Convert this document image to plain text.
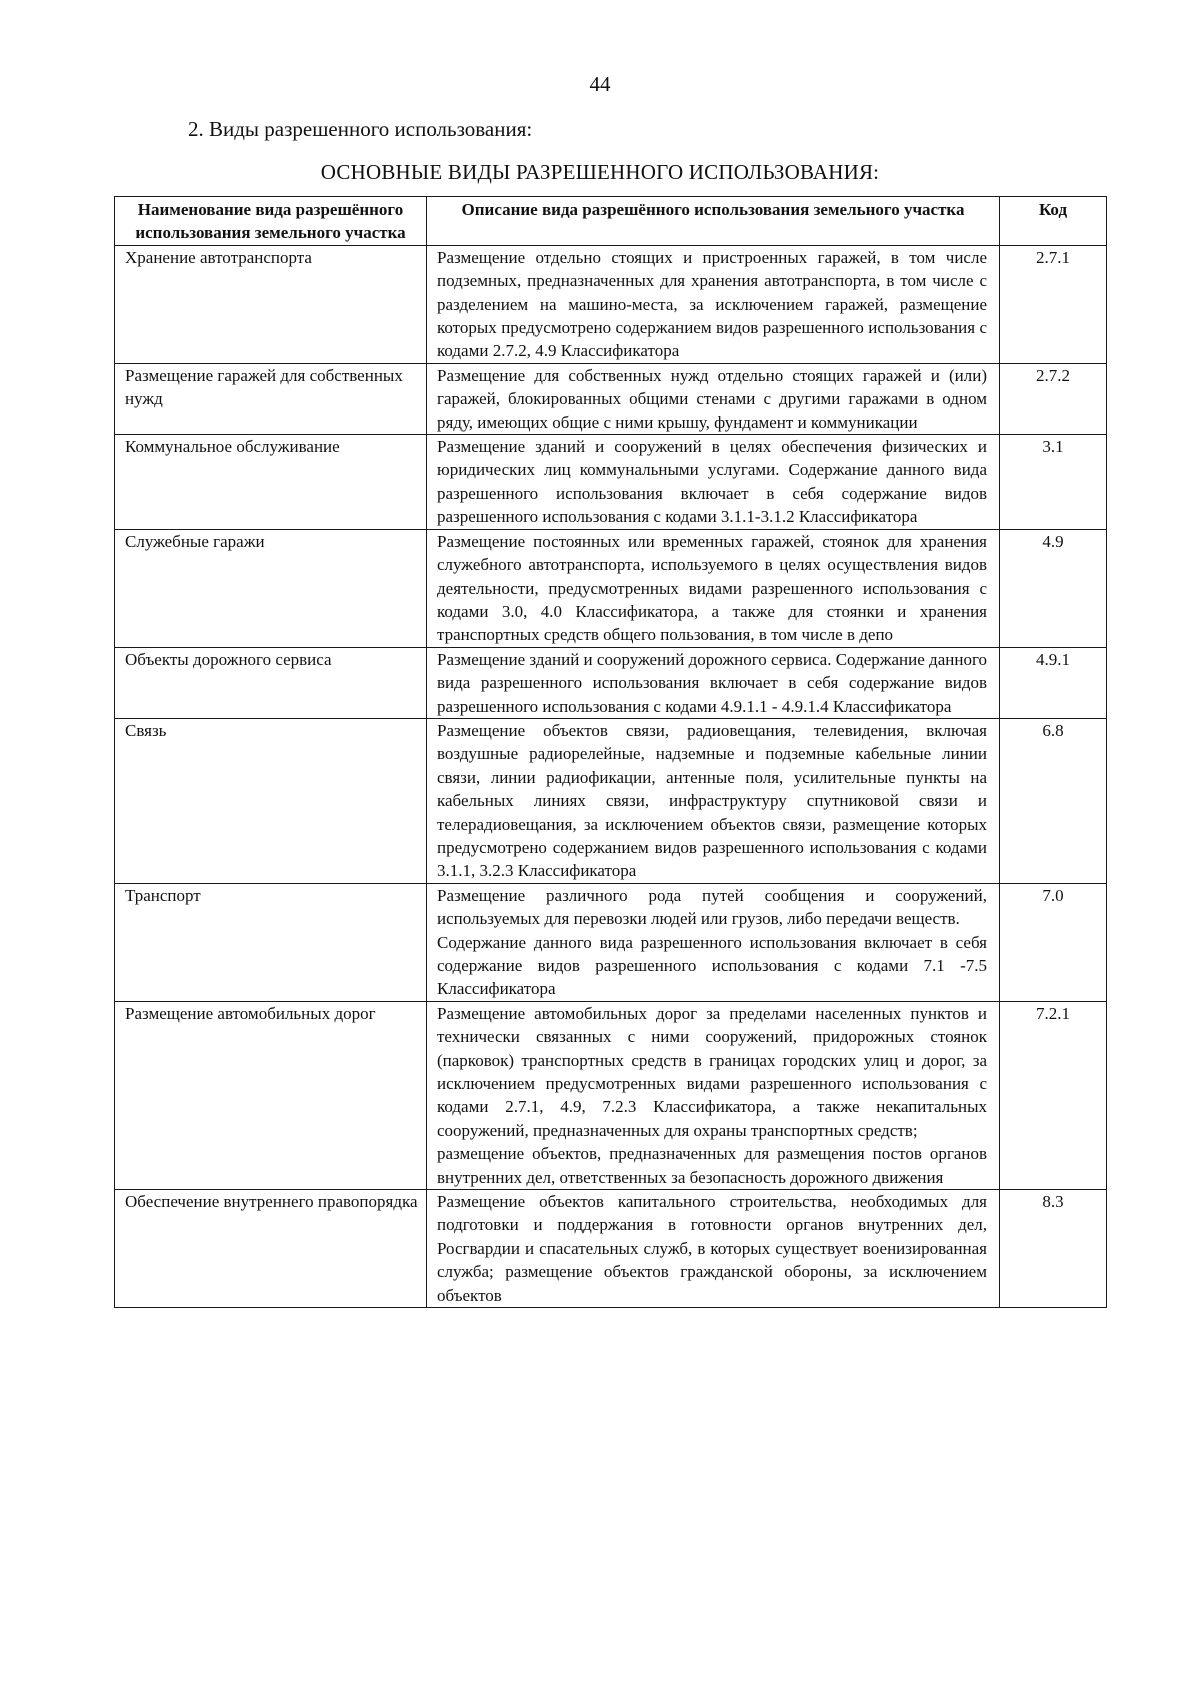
44
2. Виды разрешенного использования:
ОСНОВНЫЕ ВИДЫ РАЗРЕШЕННОГО ИСПОЛЬЗОВАНИЯ:
Наименование вида разрешённого использования земельного участка	Описание вида разрешённого использования земельного участка	Код
Хранение автотранспорта	Размещение отдельно стоящих и пристроенных гаражей, в том числе подземных, предназначенных для хранения автотранспорта, в том числе с разделением на машино-места, за исключением гаражей, размещение которых предусмотрено содержанием видов разрешенного использования с кодами 2.7.2, 4.9 Классификатора	2.7.1
Размещение гаражей для собственных нужд	Размещение для собственных нужд отдельно стоящих гаражей и (или) гаражей, блокированных общими стенами с другими гаражами в одном ряду, имеющих общие с ними крышу, фундамент и коммуникации	2.7.2
Коммунальное обслуживание	Размещение зданий и сооружений в целях обеспечения физических и юридических лиц коммунальными услугами. Содержание данного вида разрешенного использования включает в себя содержание видов разрешенного использования с кодами 3.1.1-3.1.2 Классификатора	3.1
Служебные гаражи	Размещение постоянных или временных гаражей, стоянок для хранения служебного автотранспорта, используемого в целях осуществления видов деятельности, предусмотренных видами разрешенного использования с кодами 3.0, 4.0 Классификатора, а также для стоянки и хранения транспортных средств общего пользования, в том числе в депо	4.9
Объекты дорожного сервиса	Размещение зданий и сооружений дорожного сервиса. Содержание данного вида разрешенного использования включает в себя содержание видов разрешенного использования с кодами 4.9.1.1 - 4.9.1.4 Классификатора	4.9.1
Связь	Размещение объектов связи, радиовещания, телевидения, включая воздушные радиорелейные, надземные и подземные кабельные линии связи, линии радиофикации, антенные поля, усилительные пункты на кабельных линиях связи, инфраструктуру спутниковой связи и телерадиовещания, за исключением объектов связи, размещение которых предусмотрено содержанием видов разрешенного использования с кодами 3.1.1, 3.2.3 Классификатора	6.8
Транспорт	Размещение различного рода путей сообщения и сооружений, используемых для перевозки людей или грузов, либо передачи веществ.
Содержание данного вида разрешенного использования включает в себя содержание видов разрешенного использования с кодами 7.1 -7.5 Классификатора	7.0
Размещение автомобильных дорог	Размещение автомобильных дорог за пределами населенных пунктов и технически связанных с ними сооружений, придорожных стоянок (парковок) транспортных средств в границах городских улиц и дорог, за исключением предусмотренных видами разрешенного использования с кодами 2.7.1, 4.9, 7.2.3 Классификатора, а также некапитальных сооружений, предназначенных для охраны транспортных средств;
размещение объектов, предназначенных для размещения постов органов внутренних дел, ответственных за безопасность дорожного движения	7.2.1
Обеспечение внутреннего правопорядка	Размещение объектов капитального строительства, необходимых для подготовки и поддержания в готовности органов внутренних дел, Росгвардии и спасательных служб, в которых существует военизированная служба; размещение объектов гражданской обороны, за исключением объектов	8.3
